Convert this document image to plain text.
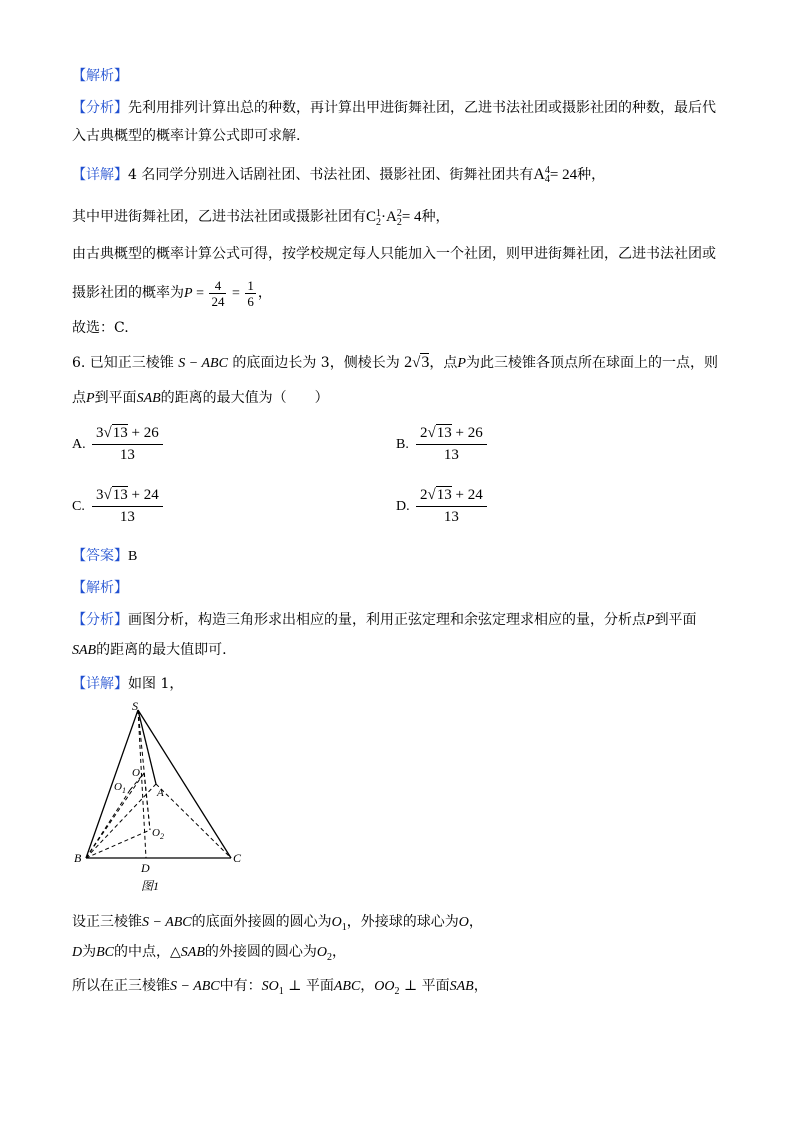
【解析】
【分析】先利用排列计算出总的种数，再计算出甲进街舞社团，乙进书法社团或摄影社团的种数，最后代
入古典概型的概率计算公式即可求解.
【详解】4 名同学分别进入话剧社团、书法社团、摄影社团、街舞社团共有A 4
4 = 24种，
其中甲进街舞社团，乙进书法社团或摄影社团有C 1
2 ·A 2
2 = 4种，
由古典概型的概率计算公式可得，按学校规定每人只能加入一个社团，则甲进街舞社团，乙进书法社团或
摄影社团的概率为$P = \frac{4}{24} = \frac{1}{6}$ ，
故选：C.
6. 已知正三棱锥 S − ABC 的底面边长为 3，侧棱长为 2√3，点P为此三棱锥各顶点所在球面上的一点，则
点P到平面SAB的距离的最大值为（　　）
A. $\frac{3√13 + 26}{13}$	B. $\frac{2√13 + 26}{13}$
C. $\frac{3√13 + 24}{13}$	D. $\frac{2√13 + 24}{13}$
【答案】B
【解析】
【分析】画图分析，构造三角形求出相应的量，利用正弦定理和余弦定理求相应的量，分析点P到平面
SAB的距离的最大值即可.
【详解】如图 1，
S
O 1
O
A
O 2
B
D
C
图1
设正三棱锥S − ABC的底面外接圆的圆心为$O_1$，外接球的球心为O，
D为BC的中点，△SAB的外接圆的圆心为$O_2$，
所以在正三棱锥S − ABC中有：$SO_1$ ⊥ 平面ABC，$OO_2$ ⊥ 平面SAB，
